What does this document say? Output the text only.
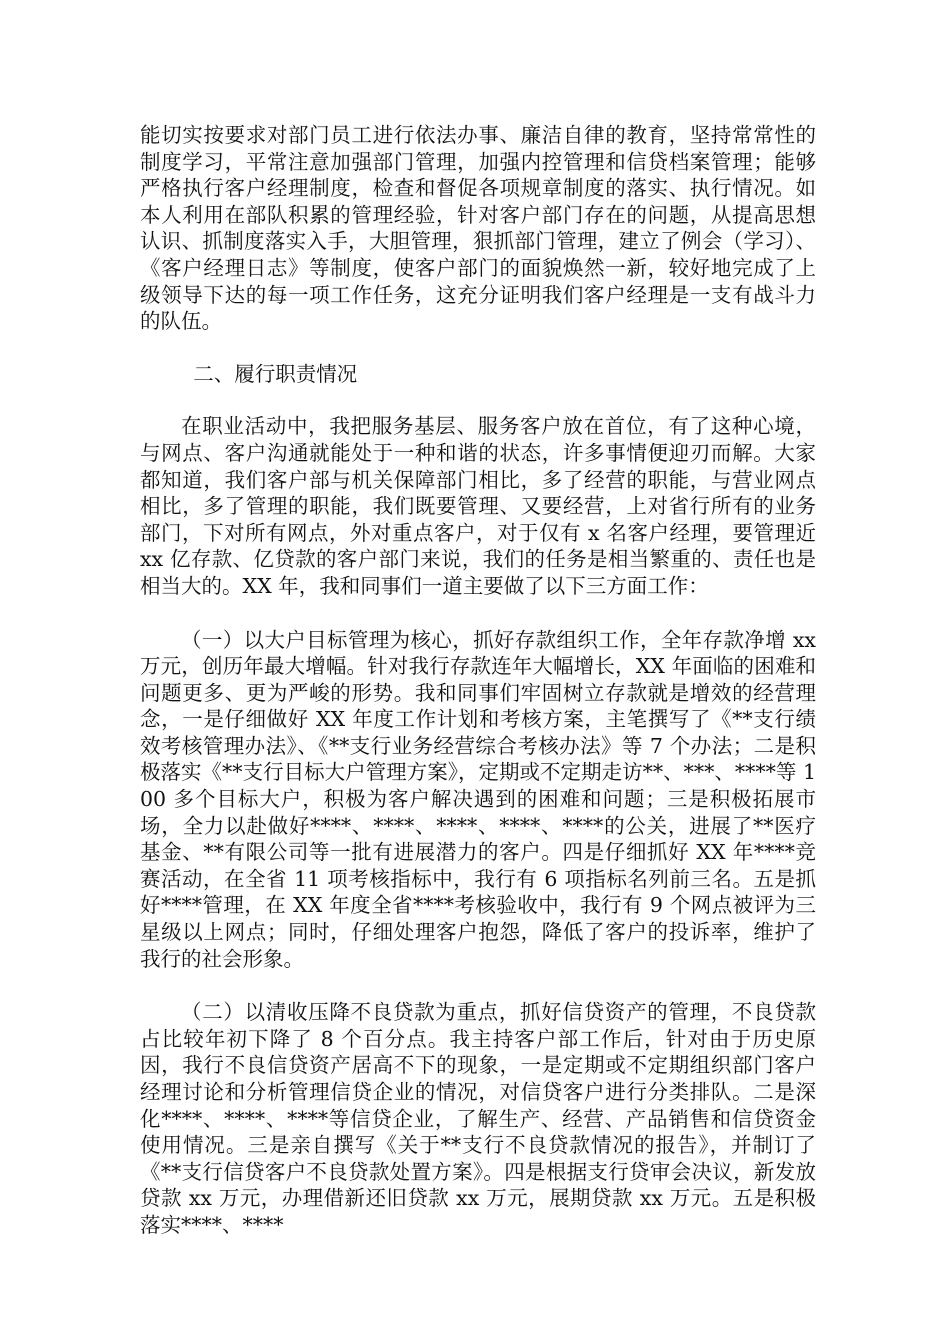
能切实按要求对部门员工进行依法办事、廉洁自律的教育，坚持常常性的制度学习，平常注意加强部门管理，加强内控管理和信贷档案管理；能够严格执行客户经理制度，检查和督促各项规章制度的落实、执行情况。如本人利用在部队积累的管理经验，针对客户部门存在的问题，从提高思想认识、抓制度落实入手，大胆管理，狠抓部门管理，建立了例会（学习）、《客户经理日志》等制度，使客户部门的面貌焕然一新，较好地完成了上级领导下达的每一项工作任务，这充分证明我们客户经理是一支有战斗力的队伍。

二、履行职责情况

在职业活动中，我把服务基层、服务客户放在首位，有了这种心境，与网点、客户沟通就能处于一种和谐的状态，许多事情便迎刃而解。大家都知道，我们客户部与机关保障部门相比，多了经营的职能，与营业网点相比，多了管理的职能，我们既要管理、又要经营，上对省行所有的业务部门，下对所有网点，外对重点客户，对于仅有 x 名客户经理，要管理近 xx 亿存款、亿贷款的客户部门来说，我们的任务是相当繁重的、责任也是相当大的。XX 年，我和同事们一道主要做了以下三方面工作：

（一）以大户目标管理为核心，抓好存款组织工作，全年存款净增 xx 万元，创历年最大增幅。针对我行存款连年大幅增长，XX 年面临的困难和问题更多、更为严峻的形势。我和同事们牢固树立存款就是增效的经营理念，一是仔细做好 XX 年度工作计划和考核方案，主笔撰写了《**支行绩效考核管理办法》、《**支行业务经营综合考核办法》等 7 个办法；二是积极落实《**支行目标大户管理方案》，定期或不定期走访**、***、****等 100 多个目标大户，积极为客户解决遇到的困难和问题；三是积极拓展市场，全力以赴做好****、****、****、****、****的公关，进展了**医疗基金、**有限公司等一批有进展潜力的客户。四是仔细抓好 XX 年****竞赛活动，在全省 11 项考核指标中，我行有 6 项指标名列前三名。五是抓好****管理，在 XX 年度全省****考核验收中，我行有 9 个网点被评为三星级以上网点；同时，仔细处理客户抱怨，降低了客户的投诉率，维护了我行的社会形象。

（二）以清收压降不良贷款为重点，抓好信贷资产的管理，不良贷款占比较年初下降了 8 个百分点。我主持客户部工作后，针对由于历史原因，我行不良信贷资产居高不下的现象，一是定期或不定期组织部门客户经理讨论和分析管理信贷企业的情况，对信贷客户进行分类排队。二是深化****、****、****等信贷企业，了解生产、经营、产品销售和信贷资金使用情况。三是亲自撰写《关于**支行不良贷款情况的报告》，并制订了《**支行信贷客户不良贷款处置方案》。四是根据支行贷审会决议，新发放贷款 xx 万元，办理借新还旧贷款 xx 万元，展期贷款 xx 万元。五是积极落实****、****
